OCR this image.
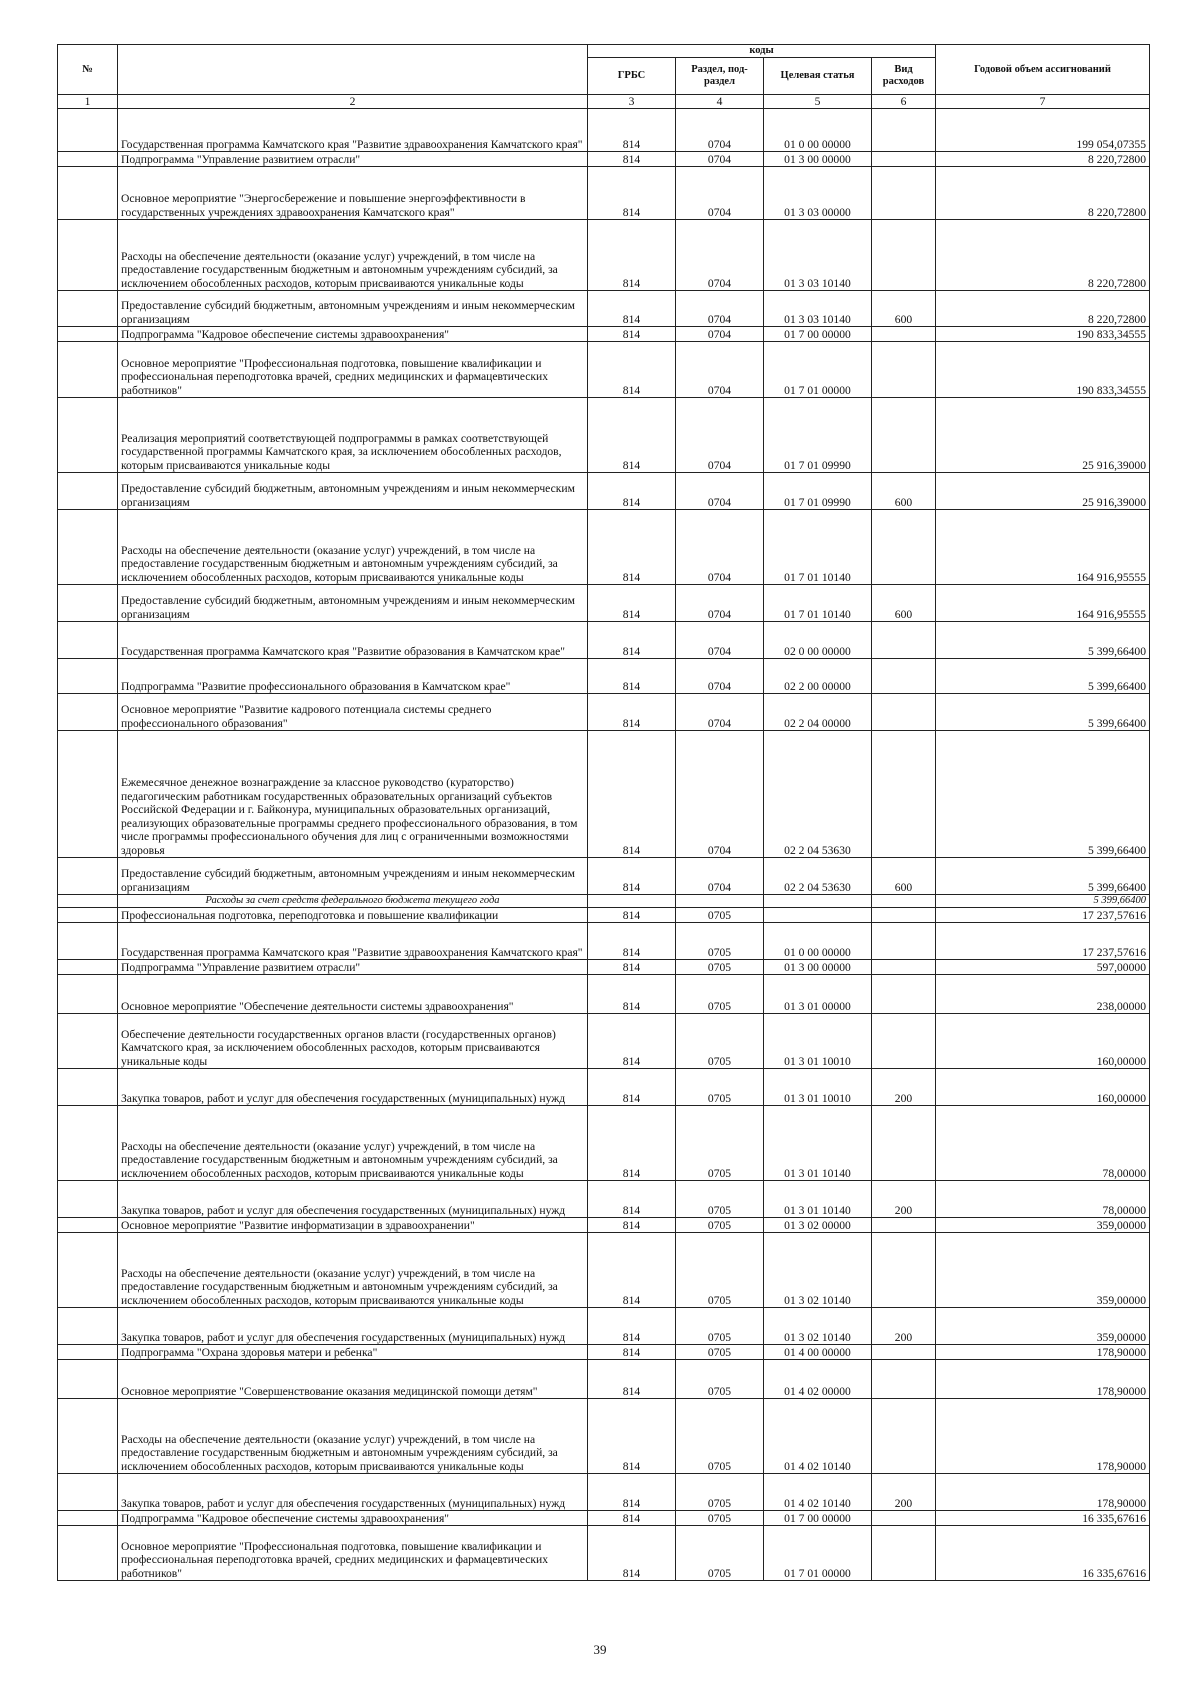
№		коды				Годовой объем ассигнований
		ГРБС	Раздел, под-раздел	Целевая статья	Вид расходов	
1	2	3	4	5	6	7
	Государственная программа Камчатского края "Развитие здравоохранения Камчатского края"	814	0704	01 0 00 00000		199 054,07355
	Подпрограмма "Управление развитием отрасли"	814	0704	01 3 00 00000		8 220,72800
	Основное мероприятие "Энергосбережение и повышение энергоэффективности в государственных учреждениях здравоохранения Камчатского края"	814	0704	01 3 03 00000		8 220,72800
	Расходы на обеспечение деятельности (оказание услуг) учреждений, в том числе на предоставление государственным бюджетным и автономным учреждениям субсидий, за исключением обособленных расходов, которым присваиваются уникальные коды	814	0704	01 3 03 10140		8 220,72800
	Предоставление субсидий бюджетным, автономным учреждениям и иным некоммерческим организациям	814	0704	01 3 03 10140	600	8 220,72800
	Подпрограмма "Кадровое обеспечение системы здравоохранения"	814	0704	01 7 00 00000		190 833,34555
	Основное мероприятие "Профессиональная подготовка, повышение квалификации и профессиональная переподготовка врачей, средних медицинских и фармацевтических работников"	814	0704	01 7 01 00000		190 833,34555
	Реализация мероприятий соответствующей подпрограммы в рамках соответствующей государственной программы Камчатского края, за исключением обособленных расходов, которым присваиваются уникальные коды	814	0704	01 7 01 09990		25 916,39000
	Предоставление субсидий бюджетным, автономным учреждениям и иным некоммерческим организациям	814	0704	01 7 01 09990	600	25 916,39000
	Расходы на обеспечение деятельности (оказание услуг) учреждений, в том числе на предоставление государственным бюджетным и автономным учреждениям субсидий, за исключением обособленных расходов, которым присваиваются уникальные коды	814	0704	01 7 01 10140		164 916,95555
	Предоставление субсидий бюджетным, автономным учреждениям и иным некоммерческим организациям	814	0704	01 7 01 10140	600	164 916,95555
	Государственная программа Камчатского края "Развитие образования в Камчатском крае"	814	0704	02 0 00 00000		5 399,66400
	Подпрограмма "Развитие профессионального образования в Камчатском крае"	814	0704	02 2 00 00000		5 399,66400
	Основное мероприятие "Развитие кадрового потенциала системы среднего профессионального образования"	814	0704	02 2 04 00000		5 399,66400
	Ежемесячное денежное вознаграждение за классное руководство (кураторство) педагогическим работникам государственных образовательных организаций субъектов Российской Федерации и г. Байконура, муниципальных образовательных организаций, реализующих образовательные программы среднего профессионального образования, в том числе программы профессионального обучения для лиц с ограниченными возможностями здоровья	814	0704	02 2 04 53630		5 399,66400
	Предоставление субсидий бюджетным, автономным учреждениям и иным некоммерческим организациям	814	0704	02 2 04 53630	600	5 399,66400
	Расходы за счет средств федерального бюджета текущего года					5 399,66400
	Профессиональная подготовка, переподготовка и повышение квалификации	814	0705			17 237,57616
	Государственная программа Камчатского края "Развитие здравоохранения Камчатского края"	814	0705	01 0 00 00000		17 237,57616
	Подпрограмма "Управление развитием отрасли"	814	0705	01 3 00 00000		597,00000
	Основное мероприятие "Обеспечение деятельности системы здравоохранения"	814	0705	01 3 01 00000		238,00000
	Обеспечение деятельности государственных органов власти (государственных органов) Камчатского края, за исключением обособленных расходов, которым присваиваются уникальные коды	814	0705	01 3 01 10010		160,00000
	Закупка товаров, работ и услуг для обеспечения государственных (муниципальных) нужд	814	0705	01 3 01 10010	200	160,00000
	Расходы на обеспечение деятельности (оказание услуг) учреждений, в том числе на предоставление государственным бюджетным и автономным учреждениям субсидий, за исключением обособленных расходов, которым присваиваются уникальные коды	814	0705	01 3 01 10140		78,00000
	Закупка товаров, работ и услуг для обеспечения государственных (муниципальных) нужд	814	0705	01 3 01 10140	200	78,00000
	Основное мероприятие "Развитие информатизации в здравоохранении"	814	0705	01 3 02 00000		359,00000
	Расходы на обеспечение деятельности (оказание услуг) учреждений, в том числе на предоставление государственным бюджетным и автономным учреждениям субсидий, за исключением обособленных расходов, которым присваиваются уникальные коды	814	0705	01 3 02 10140		359,00000
	Закупка товаров, работ и услуг для обеспечения государственных (муниципальных) нужд	814	0705	01 3 02 10140	200	359,00000
	Подпрограмма "Охрана здоровья матери и ребенка"	814	0705	01 4 00 00000		178,90000
	Основное мероприятие "Совершенствование оказания медицинской помощи детям"	814	0705	01 4 02 00000		178,90000
	Расходы на обеспечение деятельности (оказание услуг) учреждений, в том числе на предоставление государственным бюджетным и автономным учреждениям субсидий, за исключением обособленных расходов, которым присваиваются уникальные коды	814	0705	01 4 02 10140		178,90000
	Закупка товаров, работ и услуг для обеспечения государственных (муниципальных) нужд	814	0705	01 4 02 10140	200	178,90000
	Подпрограмма "Кадровое обеспечение системы здравоохранения"	814	0705	01 7 00 00000		16 335,67616
	Основное мероприятие "Профессиональная подготовка, повышение квалификации и профессиональная переподготовка врачей, средних медицинских и фармацевтических работников"	814	0705	01 7 01 00000		16 335,67616
39
